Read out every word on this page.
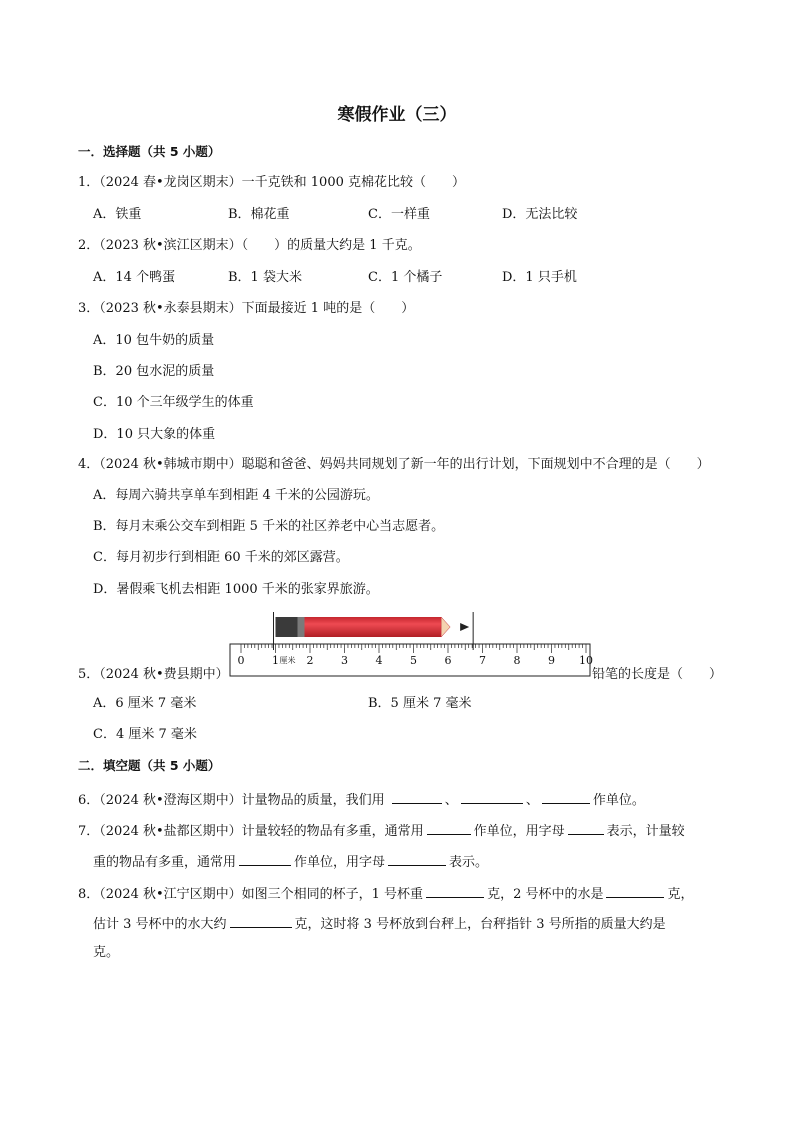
寒假作业（三）
一．选择题（共 5 小题）
1．（2024 春•龙岗区期末）一千克铁和 1000 克棉花比较（　　）
A．铁重	B．棉花重	C．一样重	D．无法比较
2．（2023 秋•滨江区期末）（　　）的质量大约是 1 千克。
A．14 个鸭蛋	B．1 袋大米	C．1 个橘子	D．1 只手机
3．（2023 秋•永泰县期末）下面最接近 1 吨的是（　　）
A．10 包牛奶的质量
B．20 包水泥的质量
C．10 个三年级学生的体重
D．10 只大象的体重
4．（2024 秋•韩城市期中）聪聪和爸爸、妈妈共同规划了新一年的出行计划，下面规划中不合理的是（　　）
A．每周六骑共享单车到相距 4 千米的公园游玩。
B．每月末乘公交车到相距 5 千米的社区养老中心当志愿者。
C．每月初步行到相距 60 千米的郊区露营。
D．暑假乘飞机去相距 1000 千米的张家界旅游。
5．（2024 秋•费县期中）
0	1	2	3	4	5	6	7	8	9 10
厘米
铅笔的长度是（　　）
A．6 厘米 7 毫米	B．5 厘米 7 毫米
C．4 厘米 7 毫米
二．填空题（共 5 小题）
6．（2024 秋•澄海区期中）计量物品的质量，我们用	、	、	作单位。
7．（2024 秋•盐都区期中）计量较轻的物品有多重，通常用	作单位，用字母	表示，计量较
重的物品有多重，通常用	作单位，用字母	表示。
8．（2024 秋•江宁区期中）如图三个相同的杯子，1 号杯重	克，2 号杯中的水是	克，
估计 3 号杯中的水大约	克，这时将 3 号杯放到台秤上，台秤指针 3 号所指的质量大约是
克。
